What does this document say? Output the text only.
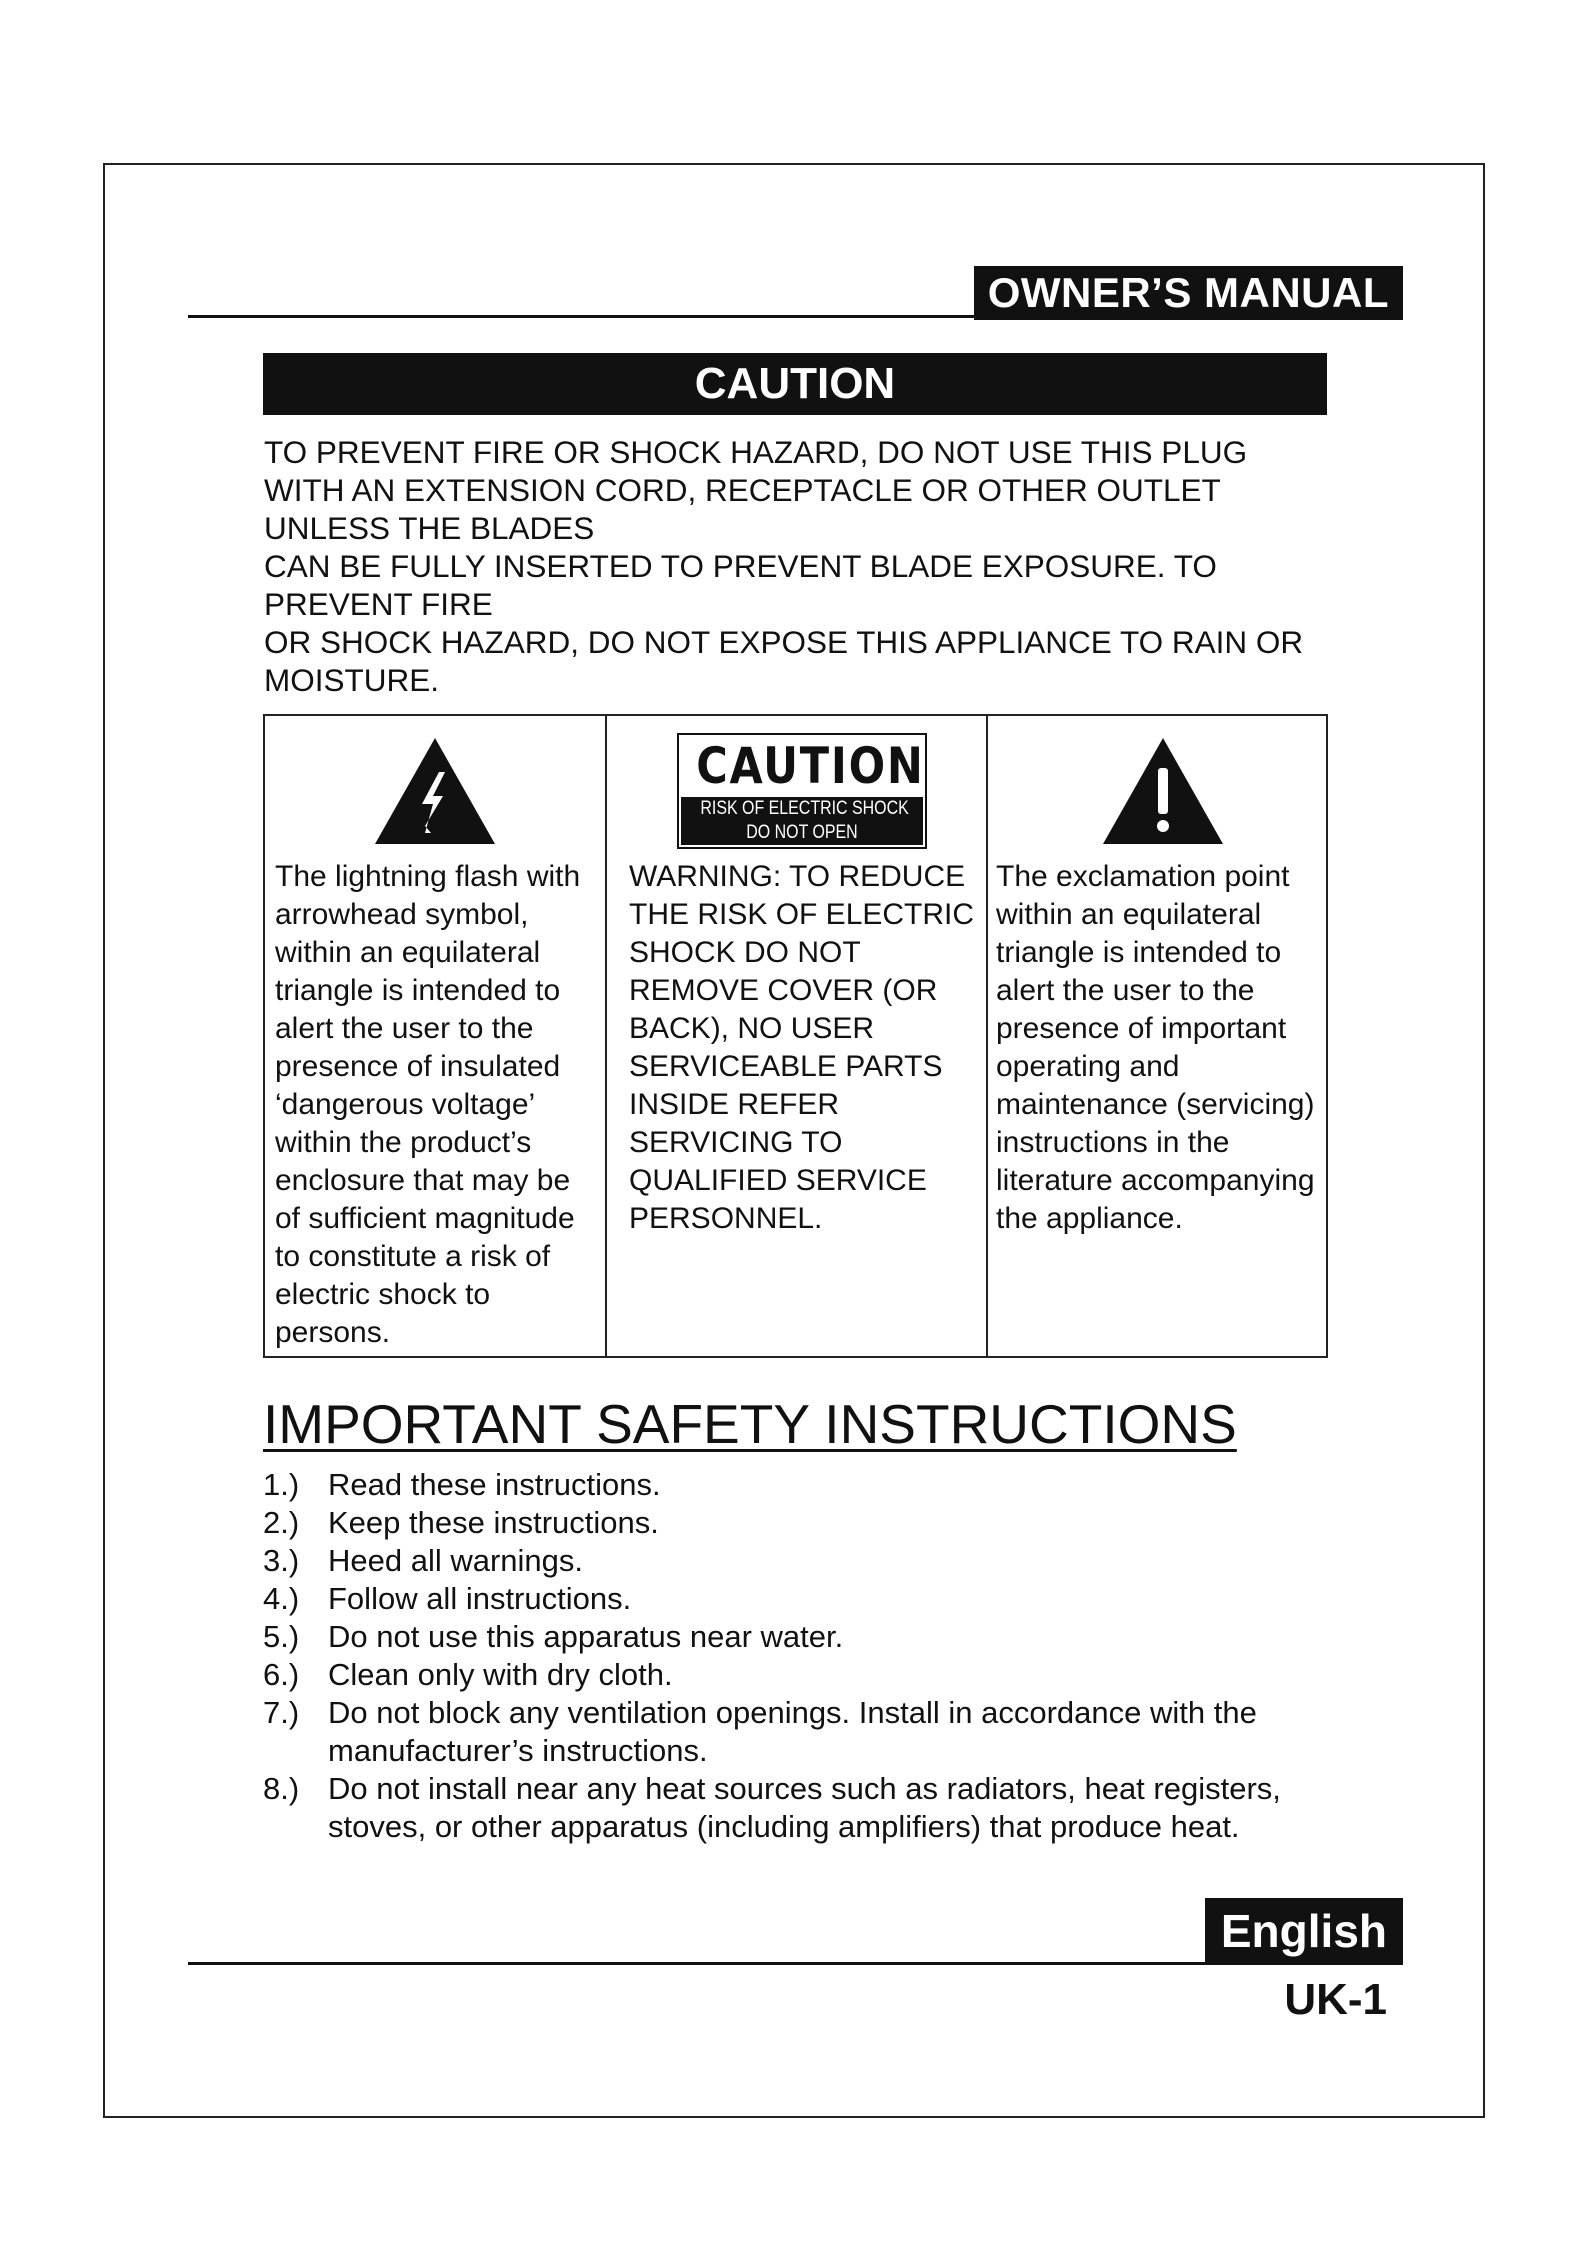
OWNER’S MANUAL
CAUTION

TO PREVENT FIRE OR SHOCK HAZARD, DO NOT USE THIS PLUG WITH AN EXTENSION CORD, RECEPTACLE OR OTHER OUTLET UNLESS THE BLADES

CAN BE FULLY INSERTED TO PREVENT BLADE EXPOSURE. TO PREVENT FIRE

OR SHOCK HAZARD, DO NOT EXPOSE THIS APPLIANCE TO RAIN OR MOISTURE.

The lightning flash with arrowhead symbol, within an equilateral triangle is intended to alert the user to the presence of insulated ‘dangerous voltage’ within the product’s enclosure that may be of sufficient magnitude to constitute a risk of electric shock to persons.

CAUTION
RISK OF ELECTRIC SHOCK
DO NOT OPEN

WARNING: TO REDUCE THE RISK OF ELECTRIC SHOCK DO NOT REMOVE COVER (OR BACK), NO USER SERVICEABLE PARTS INSIDE REFER SERVICING TO QUALIFIED SERVICE PERSONNEL.

The exclamation point within an equilateral triangle is intended to alert the user to the presence of important operating and maintenance (servicing) instructions in the literature accompanying the appliance.

IMPORTANT SAFETY INSTRUCTIONS
1.) Read these instructions.
2.) Keep these instructions.
3.) Heed all warnings.
4.) Follow all instructions.
5.) Do not use this apparatus near water.
6.) Clean only with dry cloth.
7.) Do not block any ventilation openings. Install in accordance with the manufacturer’s instructions.
8.) Do not install near any heat sources such as radiators, heat registers, stoves, or other apparatus (including amplifiers) that produce heat.
English
UK-1
